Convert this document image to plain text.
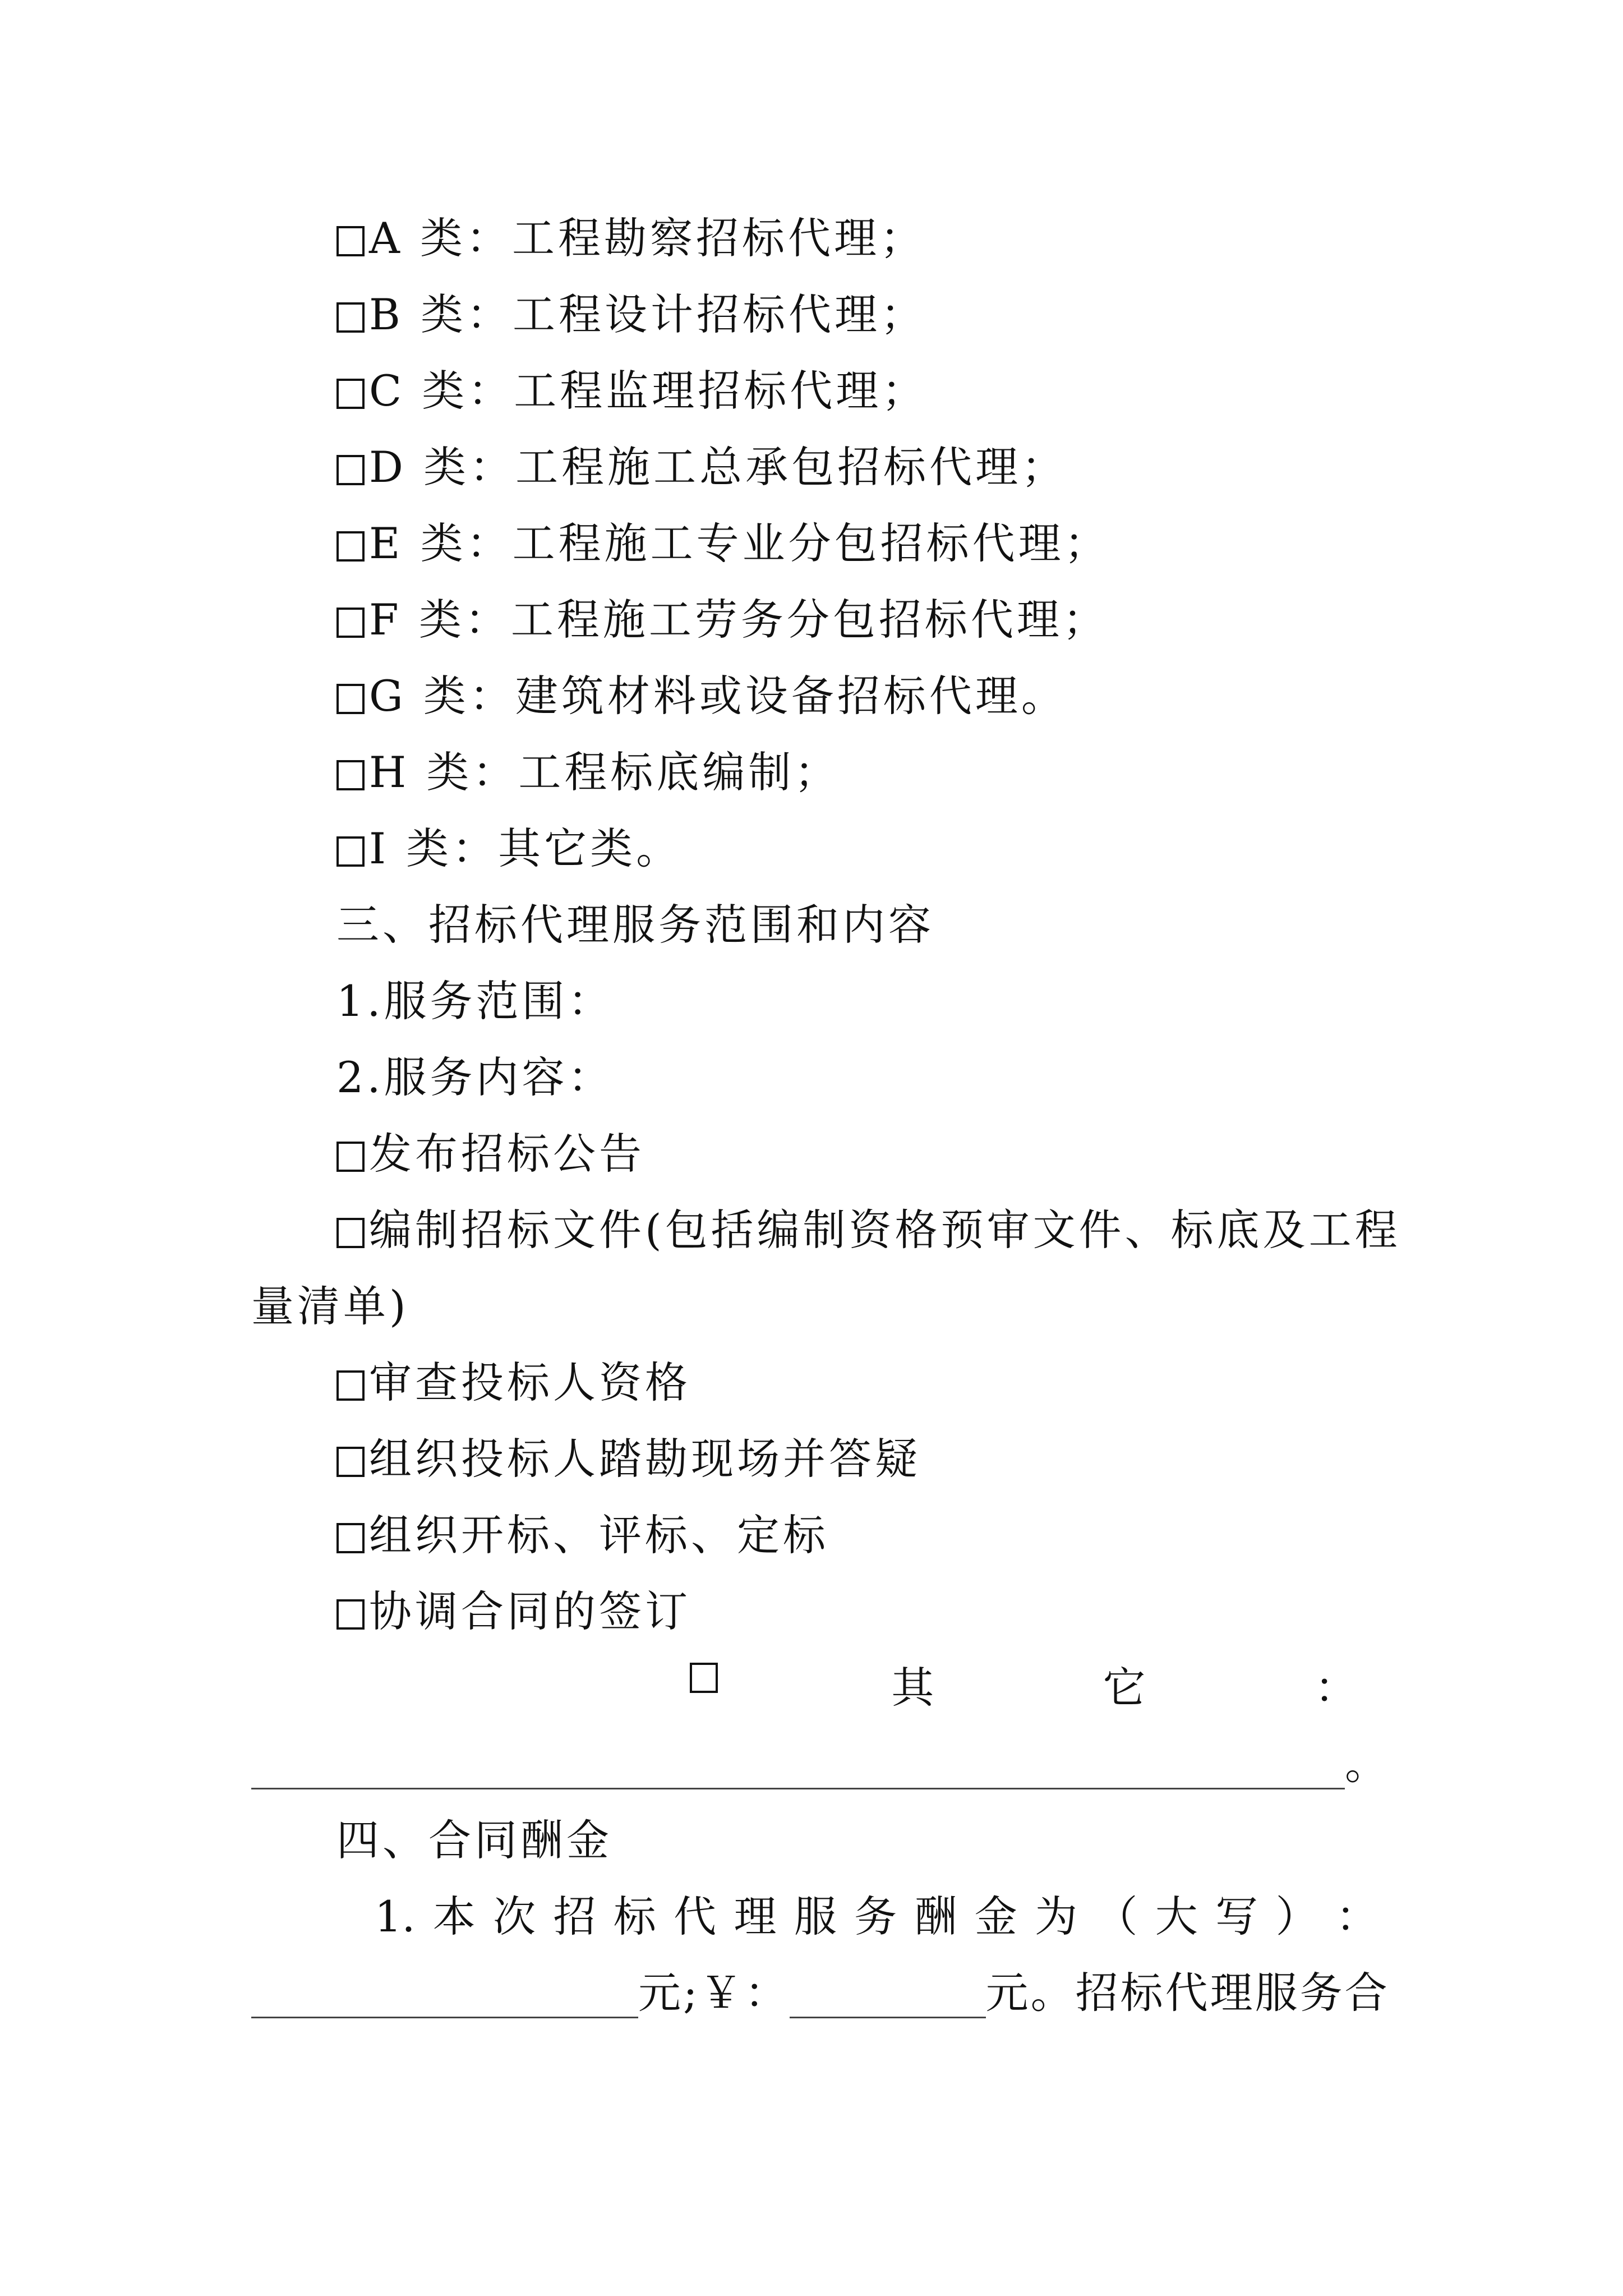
A 类：工程勘察招标代理；
B 类：工程设计招标代理；
C 类：工程监理招标代理；
D 类：工程施工总承包招标代理；
E 类：工程施工专业分包招标代理；
F 类：工程施工劳务分包招标代理；
G 类：建筑材料或设备招标代理。
H 类：工程标底编制；
I 类：其它类。
三、招标代理服务范围和内容
1.服务范围：
2.服务内容：
发布招标公告
编制招标文件(包括编制资格预审文件、标底及工程
量清单)
审查投标人资格
组织投标人踏勘现场并答疑
组织开标、评标、定标
协调合同的签订
其	它	：
。
四、合同酬金
1. 本 次 招 标 代 理 服 务 酬 金 为 （ 大 写 ） ：
元;￥：	元。招标代理服务合
